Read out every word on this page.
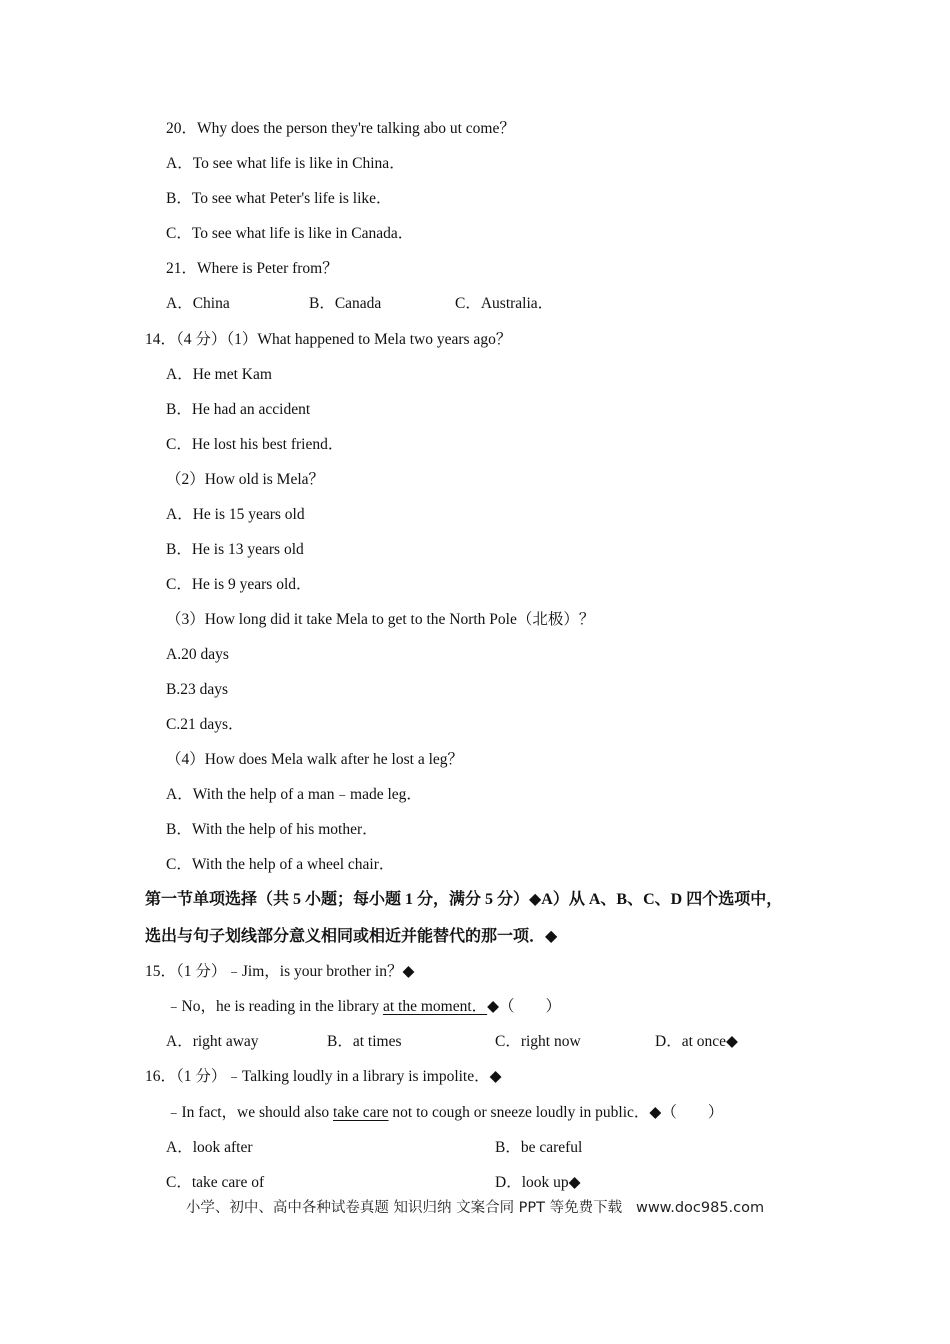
20．Why does the person they're talking abo ut come？
A．To see what life is like in China．
B．To see what Peter's life is like．
C．To see what life is like in Canada．
21．Where is Peter from？
A．China	B．Canada	C．Australia．
14．（4 分）（1）What happened to Mela two years ago？
A．He met Kam
B．He had an accident
C．He lost his best friend．
（2）How old is Mela？
A．He is 15 years old
B．He is 13 years old
C．He is 9 years old．
（3）How long did it take Mela to get to the North Pole（北极）？
A.20 days
B.23 days
C.21 days．
（4）How does Mela walk after he lost a leg？
A．With the help of a man﹣made leg．
B．With the help of his mother．
C．With the help of a wheel chair．
第一节单项选择（共 5 小题；每小题 1 分，满分 5 分）◆A）从 A、B、C、D 四个选项中，
选出与句子划线部分意义相同或相近并能替代的那一项．◆
15．（1 分）﹣Jim，is your brother in？◆
﹣No，he is reading in the library at the moment．◆（　　）
A．right away	B．at times	C．right now	D．at once◆
16．（1 分）﹣Talking loudly in a library is impolite．◆
﹣In fact，we should also take care not to cough or sneeze loudly in public．◆（　　）
A．look after	B．be careful
C．take care of	D．look up◆
小学、初中、高中各种试卷真题 知识归纳 文案合同 PPT 等免费下载   www.doc985.com
